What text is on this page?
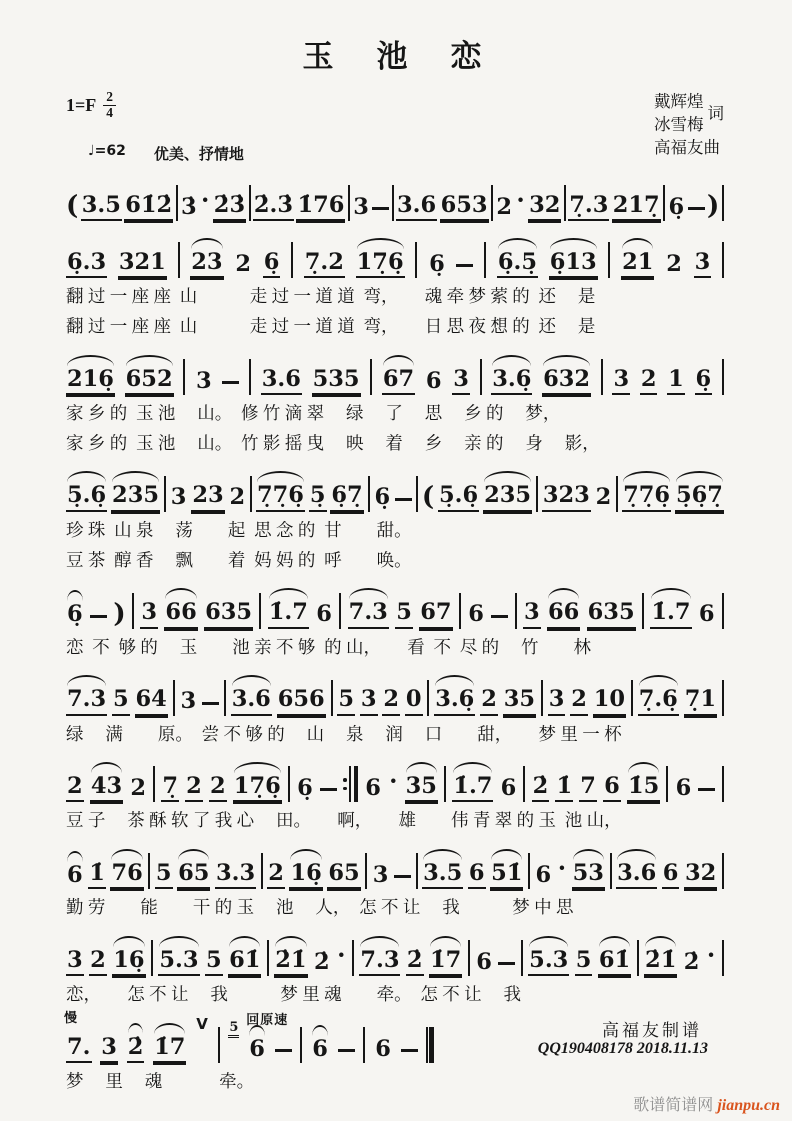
玉　池　恋
$1=F \frac{2}{4}$	戴辉煌
冰雪梅
词
高福友曲
♩=62 优美、抒情地
( 3.5 61̇2̇ 3̇ · 2̇3̇ 2̇.3̇ 1̇76 3 3.6 653 2 · 32 7̣.3 217̣ 6̣ )
6̣.3 321 23 2 6̣ 7̣.2 17̣6̣ 6̣ 6̣.5̣ 6̣13 21 2 3
翻 过 一 座 座  山　　　走 过 一 道 道  弯，　　魂 牵 梦 萦 的  还　 是
翻 过 一 座 座  山　　　走 过 一 道 道  弯，　　日 思 夜 想 的  还　 是
216̣ 652 3 3.6 535 67 6 3 3.6̣ 632 3 2 1 6̣
家 乡 的  玉 池　 山。　修 竹 滴 翠　 绿　 了　 思　 乡 的　 梦，
家 乡 的  玉 池　 山。　竹 影 摇 曳　 映　 着　 乡　 亲 的　 身　 影，
5̣.6̣ 235 3 23 2 7̣7̣6̣ 5̣ 6̣7̣ 6̣ ( 5̣.6̣ 235 323 2 7̣7̣6̣ 5̣6̣7̣
珍 珠  山 泉　 荡　　起  思 念 的  甘　　甜。
豆 茶  醇 香　 飘　　着  妈 妈 的  呼　　唤。
6̣ ) 3 66 635 1̇.7 6 7.3 5 67 6 3 66 635 1̇.7 6
恋  不  够 的　 玉　　池 亲 不 够  的 山，　　看  不  尽 的　 竹　　林
7.3 5 64 3 3.6 656 5 3 2 0 3.6̣ 2 35 3 2 10 7̣.6̣ 7̣1
绿　 满　　原。　尝 不 够 的　 山　 泉　 润　 口　　甜，　　梦 里 一 杯
2 43 2 7̣ 2 2 17̣6̣ 6̣ 6 · 35 1̇.7 6 2̇ 1̇ 7 6 1̇5 6
豆 子　 茶 酥 软 了 我 心　 田。　　啊，　　雄　　伟 青 翠 的 玉  池 山，
6 1̇ 76 5 65 3.3 2 16̣ 65 3 3.5 6 51̇ 6 · 53 3.6 6 32
勤 劳　　能　　干 的 玉　 池　 人，　怎 不 让　 我　　　梦 中 思
3 2 16̣ 5.3 5 61̇ 2̇1̇ 2̇ · 7.3 2̇ 1̇7 6 5.3 5 61̇ 2̇1̇ 2̇ ·
恋，　　怎 不 让　 我　　　梦 里 魂　　牵。　怎 不 让　 我
7.
慢
3 2̇ 1̇7
V 5
6
回原速
6 6
梦　 里　 魂　　　 牵。
高福友制谱
QQ190408178 2018.11.13
歌谱简谱网 jianpu.cn
